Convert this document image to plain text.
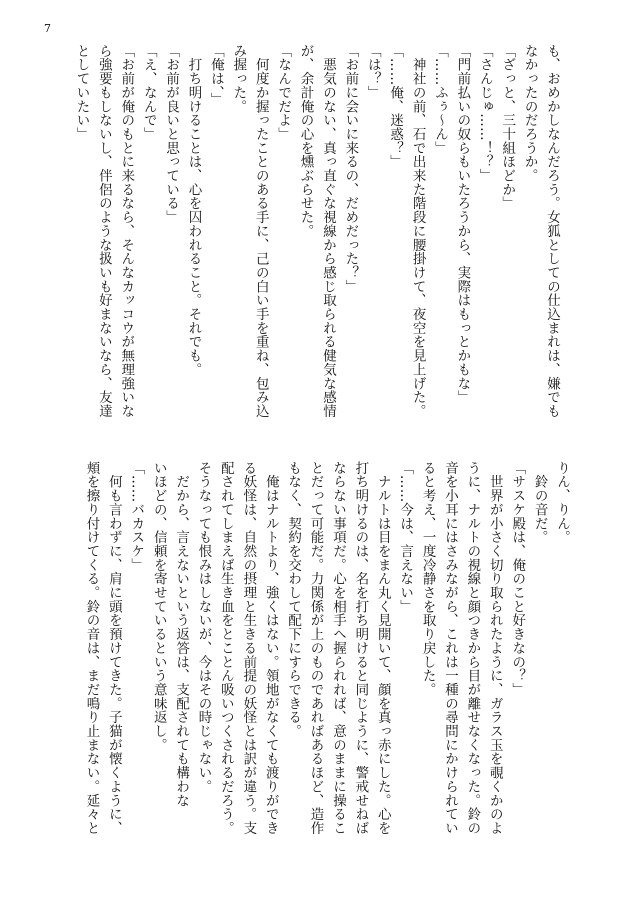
7
も、おめかしなんだろう。女狐としての仕込まれは、嫌でも
なかったのだろうか。
「ざっと、三十組ほどか」
「さんじゅ……！？」
「門前払いの奴らもいたろうから、実際はもっとかもな」
「……ふぅ〜ん」
　神社の前、石で出来た階段に腰掛けて、夜空を見上げた。
「……俺、迷惑？」
「は？」
「お前に会いに来るの、だめだった？」
　悪気のない、真っ直ぐな視線から感じ取られる健気な感情
が、余計俺の心を燻ぶらせた。
「なんでだよ」
　何度か握ったことのある手に、己の白い手を重ね、包み込
み握った。
「俺は、」
　打ち明けることは、心を囚われること。それでも。
「お前が良いと思っている」
「え、なんで」
「お前が俺のもとに来るなら、そんなカッコウが無理強いな
ら強要もしないし、伴侶のような扱いも好まないなら、友達
としていたい」
りん、りん。
　鈴の音だ。
「サスケ殿は、俺のこと好きなの？」
　世界が小さく切り取られたように、ガラス玉を覗くかのよ
うに、ナルトの視線と顔つきから目が離せなくなった。鈴の
音を小耳にはさみながら、これは一種の尋問にかけられてい
ると考え、一度冷静さを取り戻した。
「……今は、言えない」
　ナルトは目をまん丸く見開いて、顔を真っ赤にした。心を
打ち明けるのは、名を打ち明けると同じように、警戒せねば
ならない事項だ。心を相手へ握られれば、意のままに操るこ
とだって可能だ。力関係が上のものであればあるほど、造作
もなく、契約を交わして配下にすらできる。
　俺はナルトより、強くはない。領地がなくても渡りができ
る妖怪は、自然の摂理と生きる前提の妖怪とは訳が違う。支
配されてしまえば生き血をとことん吸いつくされるだろう。
そうなっても恨みはしないが、今はその時じゃない。
　だから、言えないという返答は、支配されても構わな
いほどの、信頼を寄せているという意味返し。
「……バカスケ」
　何も言わずに、肩に頭を預けてきた。子猫が懐くように、
頬を擦り付けてくる。鈴の音は、まだ鳴り止まない。延々と
